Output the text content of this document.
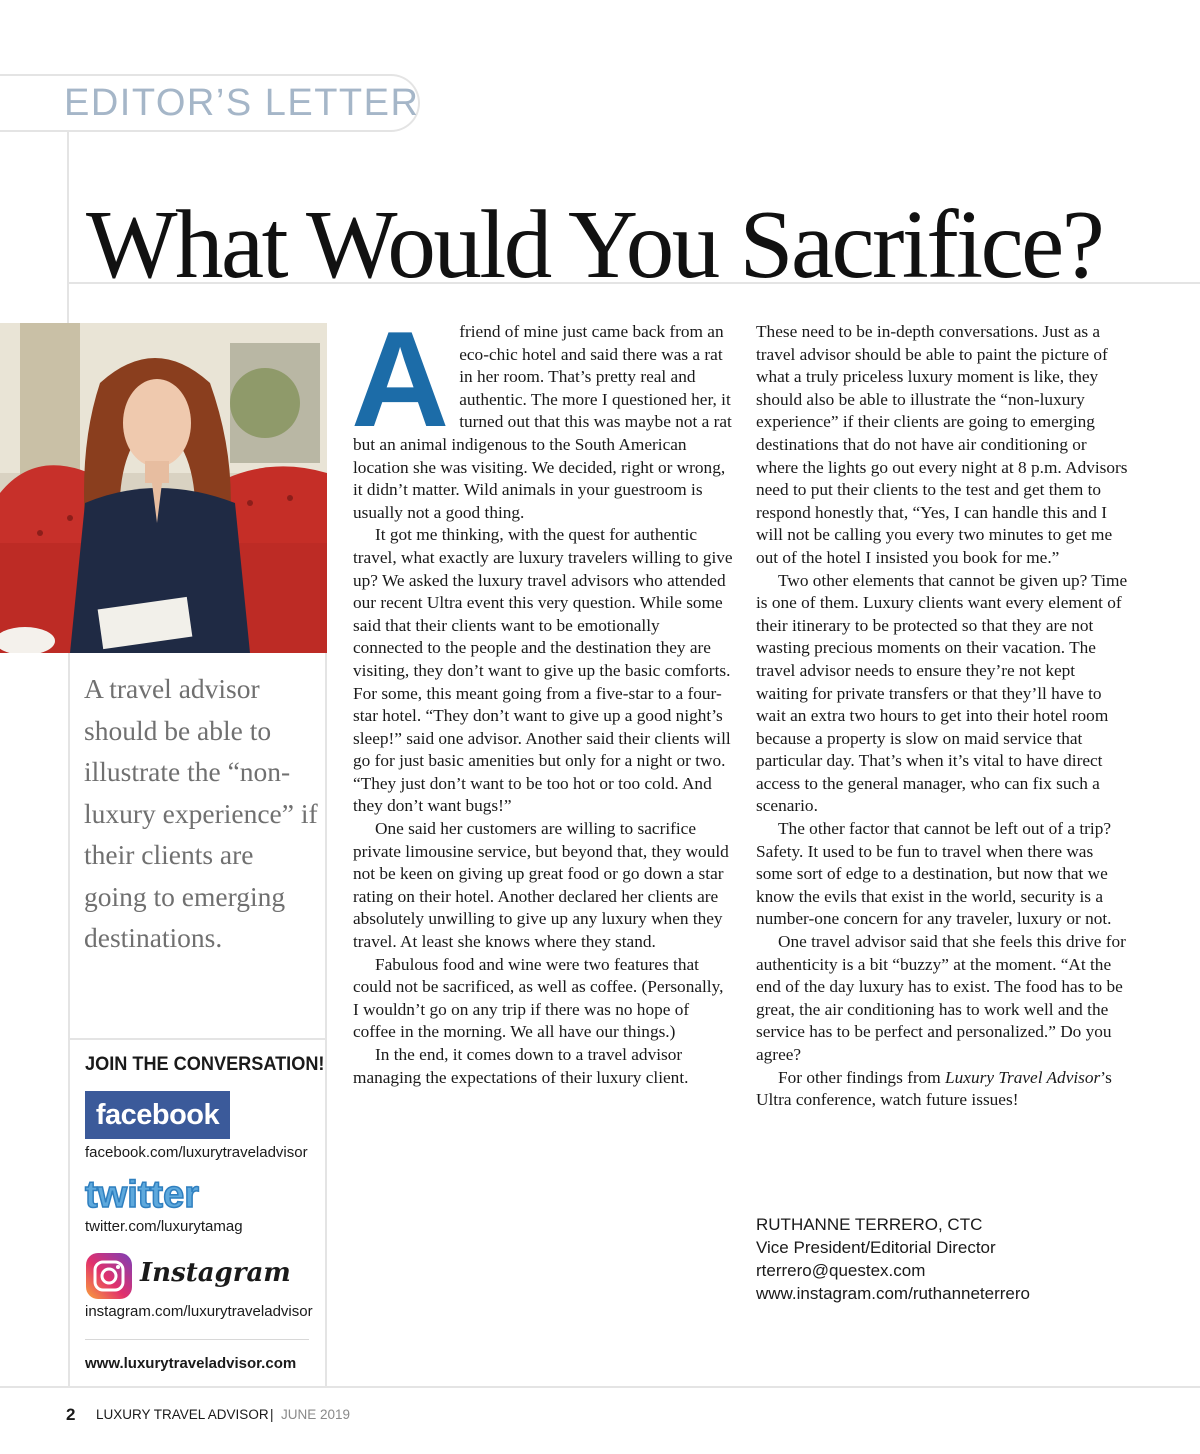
EDITOR’S LETTER
What Would You Sacrifice?
A travel advisor should be able to illustrate the “non-luxury experience” if their clients are going to emerging destinations.
JOIN THE CONVERSATION!
facebook
facebook.com/luxurytraveladvisor
twitter
twitter.com/luxurytamag
Instagram
instagram.com/luxurytraveladvisor
www.luxurytraveladvisor.com

Afriend of mine just came back from an eco-chic hotel and said there was a rat in her room. That’s pretty real and authentic. The more I questioned her, it turned out that this was maybe not a rat but an animal indigenous to the South American location she was visiting. We decided, right or wrong, it didn’t matter. Wild animals in your guestroom is usually not a good thing.

It got me thinking, with the quest for authentic travel, what exactly are luxury travelers willing to give up? We asked the luxury travel advisors who attended our recent Ultra event this very question. While some said that their clients want to be emotionally connected to the people and the destination they are visiting, they don’t want to give up the basic comforts. For some, this meant going from a five-star to a four-star hotel. “They don’t want to give up a good night’s sleep!” said one advisor. Another said their clients will go for just basic amenities but only for a night or two. “They just don’t want to be too hot or too cold. And they don’t want bugs!”

One said her customers are willing to sacrifice private limousine service, but beyond that, they would not be keen on giving up great food or go down a star rating on their hotel. Another declared her clients are absolutely unwilling to give up any luxury when they travel. At least she knows where they stand.

Fabulous food and wine were two features that could not be sacrificed, as well as coffee. (Personally, I wouldn’t go on any trip if there was no hope of coffee in the morning. We all have our things.)

In the end, it comes down to a travel advisor managing the expectations of their luxury client.

These need to be in-depth conversations. Just as a travel advisor should be able to paint the picture of what a truly priceless luxury moment is like, they should also be able to illustrate the “non-luxury experience” if their clients are going to emerging destinations that do not have air conditioning or where the lights go out every night at 8 p.m. Advisors need to put their clients to the test and get them to respond honestly that, “Yes, I can handle this and I will not be calling you every two minutes to get me out of the hotel I insisted you book for me.”

Two other elements that cannot be given up? Time is one of them. Luxury clients want every element of their itinerary to be protected so that they are not wasting precious moments on their vacation. The travel advisor needs to ensure they’re not kept waiting for private transfers or that they’ll have to wait an extra two hours to get into their hotel room because a property is slow on maid service that particular day. That’s when it’s vital to have direct access to the general manager, who can fix such a scenario.

The other factor that cannot be left out of a trip? Safety. It used to be fun to travel when there was some sort of edge to a destination, but now that we know the evils that exist in the world, security is a number-one concern for any traveler, luxury or not.

One travel advisor said that she feels this drive for authenticity is a bit “buzzy” at the moment. “At the end of the day luxury has to exist. The food has to be great, the air conditioning has to work well and the service has to be perfect and personalized.” Do you agree?

For other findings from Luxury Travel Advisor’s Ultra conference, watch future issues!

RUTHANNE TERRERO, CTC
Vice President/Editorial Director
rterrero@questex.com
www.instagram.com/ruthanneterrero
2 LUXURY TRAVEL ADVISOR | JUNE 2019
